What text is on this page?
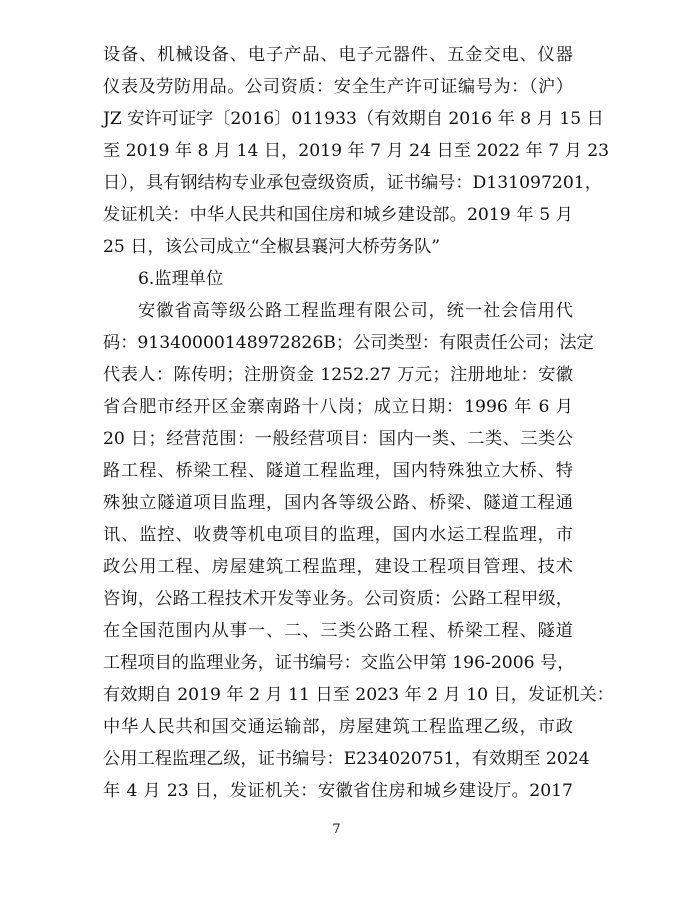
设备、机械设备、电子产品、电子元器件、五金交电、仪器
仪表及劳防用品。公司资质：安全生产许可证编号为：（沪）
JZ 安许可证字〔2016〕011933（有效期自 2016 年 8 月 15 日
至 2019 年 8 月 14 日，2019 年 7 月 24 日至 2022 年 7 月 23
日），具有钢结构专业承包壹级资质，证书编号：D131097201，
发证机关：中华人民共和国住房和城乡建设部。2019 年 5 月
25 日，该公司成立“全椒县襄河大桥劳务队”
6.监理单位
安徽省高等级公路工程监理有限公司，统一社会信用代
码：91340000148972826B；公司类型：有限责任公司；法定
代表人：陈传明；注册资金 1252.27 万元；注册地址：安徽
省合肥市经开区金寨南路十八岗；成立日期：1996 年 6 月
20 日；经营范围：一般经营项目：国内一类、二类、三类公
路工程、桥梁工程、隧道工程监理，国内特殊独立大桥、特
殊独立隧道项目监理，国内各等级公路、桥梁、隧道工程通
讯、监控、收费等机电项目的监理，国内水运工程监理，市
政公用工程、房屋建筑工程监理，建设工程项目管理、技术
咨询，公路工程技术开发等业务。公司资质：公路工程甲级，
在全国范围内从事一、二、三类公路工程、桥梁工程、隧道
工程项目的监理业务，证书编号：交监公甲第 196-2006 号，
有效期自 2019 年 2 月 11 日至 2023 年 2 月 10 日，发证机关：
中华人民共和国交通运输部，房屋建筑工程监理乙级，市政
公用工程监理乙级，证书编号：E234020751，有效期至 2024
年 4 月 23 日，发证机关：安徽省住房和城乡建设厅。2017
7
